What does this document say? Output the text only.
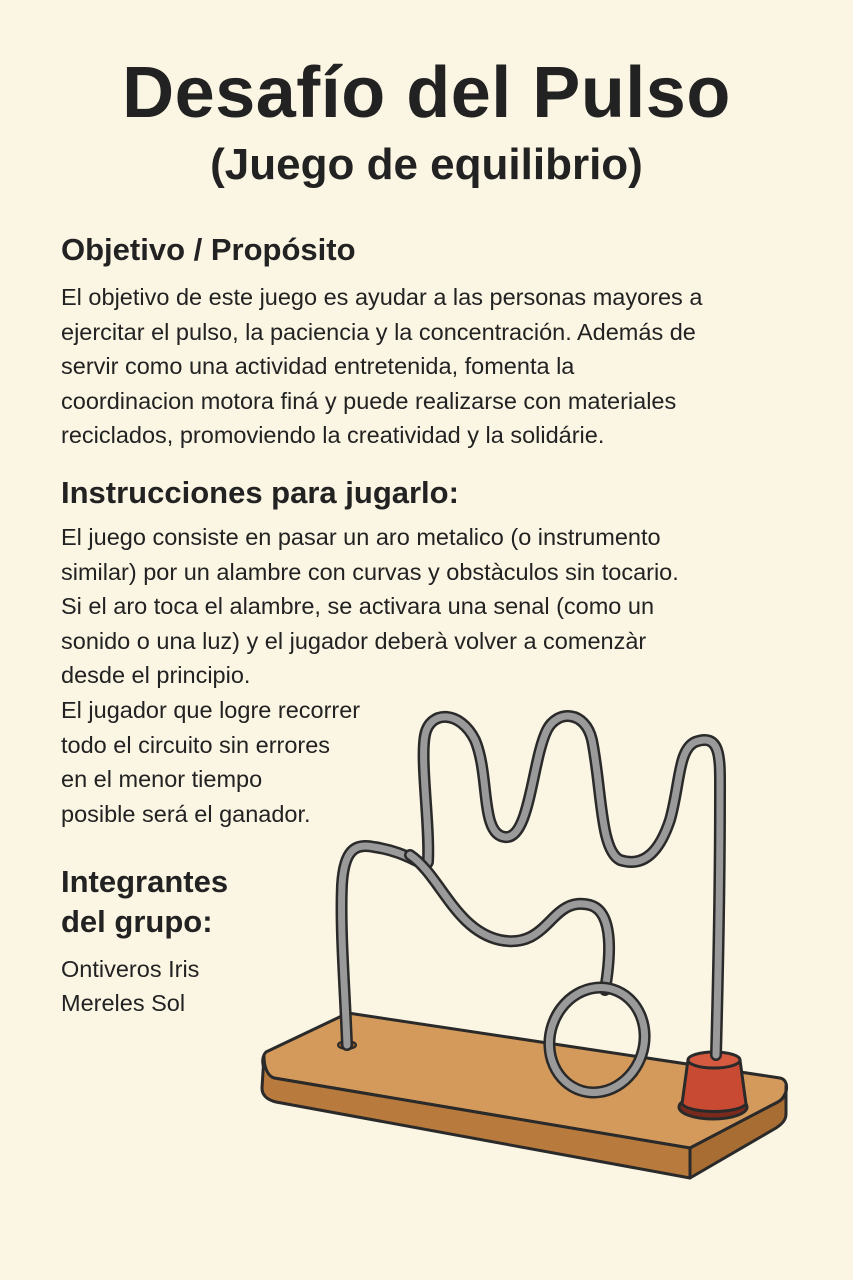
Desafío del Pulso
(Juego de equilibrio)
Objetivo / Propósito

El objetivo de este juego es ayudar a las personas mayores a
ejercitar el pulso, la paciencia y la concentración. Además de
servir como una actividad entretenida, fomenta la
coordinacion motora finá y puede realizarse con materiales
reciclados, promoviendo la creatividad y la solidárie.

Instrucciones para jugarlo:

El juego consiste en pasar un aro metalico (o instrumento
similar) por un alambre con curvas y obstàculos sin tocario.
Si el aro toca el alambre, se activara una senal (como un
sonido o una luz) y el jugador deberà volver a comenzàr
desde el principio.

El jugador que logre recorrer
todo el circuito sin errores
en el menor tiempo
posible será el ganador.

Integrantes
del grupo:

Ontiveros Iris
Mereles Sol
